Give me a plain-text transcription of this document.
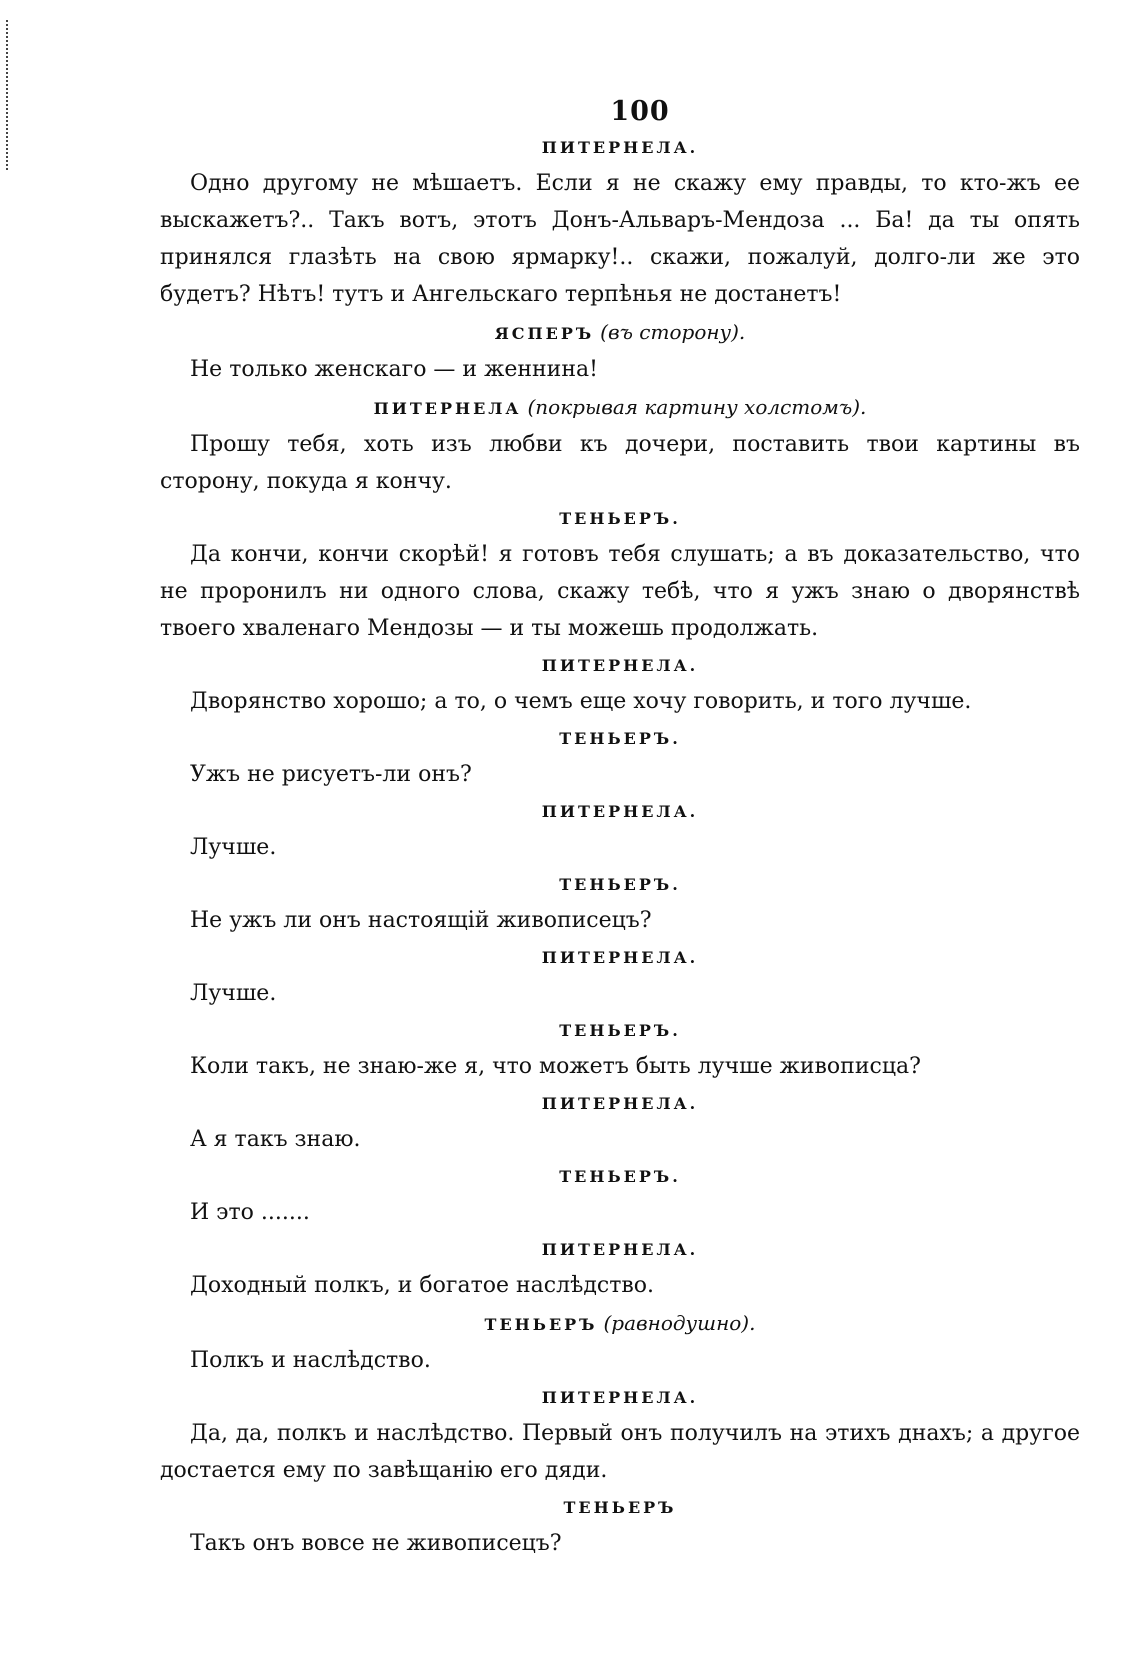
100
ПИТЕРНЕЛА.

Одно другому не мѣшаетъ. Если я не скажу ему правды, то кто-жъ ее выскажетъ?.. Такъ вотъ, этотъ Донъ-Альваръ-Мендоза ... Ба! да ты опять принялся глазѣть на свою ярмарку!.. скажи, пожалуй, долго-ли же это будетъ? Нѣтъ! тутъ и Ангельскаго терпѣнья не достанетъ!

ЯСПЕРЪ (въ сторону).

Не только женскаго — и женнина!

ПИТЕРНЕЛА (покрывая картину холстомъ).

Прошу тебя, хоть изъ любви къ дочери, поставить твои картины въ сторону, покуда я кончу.

ТЕНЬЕРЪ.

Да кончи, кончи скорѣй! я готовъ тебя слушать; а въ доказательство, что не проронилъ ни одного слова, скажу тебѣ, что я ужъ знаю о дворянствѣ твоего хваленаго Мендозы — и ты можешь продолжать.

ПИТЕРНЕЛА.

Дворянство хорошо; а то, о чемъ еще хочу говорить, и того лучше.

ТЕНЬЕРЪ.

Ужъ не рисуетъ-ли онъ?

ПИТЕРНЕЛА.

Лучше.

ТЕНЬЕРЪ.

Не ужъ ли онъ настоящій живописецъ?

ПИТЕРНЕЛА.

Лучше.

ТЕНЬЕРЪ.

Коли такъ, не знаю-же я, что можетъ быть лучше живописца?

ПИТЕРНЕЛА.

А я такъ знаю.

ТЕНЬЕРЪ.

И это .......

ПИТЕРНЕЛА.

Доходный полкъ, и богатое наслѣдство.

ТЕНЬЕРЪ (равнодушно).

Полкъ и наслѣдство.

ПИТЕРНЕЛА.

Да, да, полкъ и наслѣдство. Первый онъ получилъ на этихъ днахъ; а другое достается ему по завѣщанію его дяди.

ТЕНЬЕРЪ

Такъ онъ вовсе не живописецъ?
